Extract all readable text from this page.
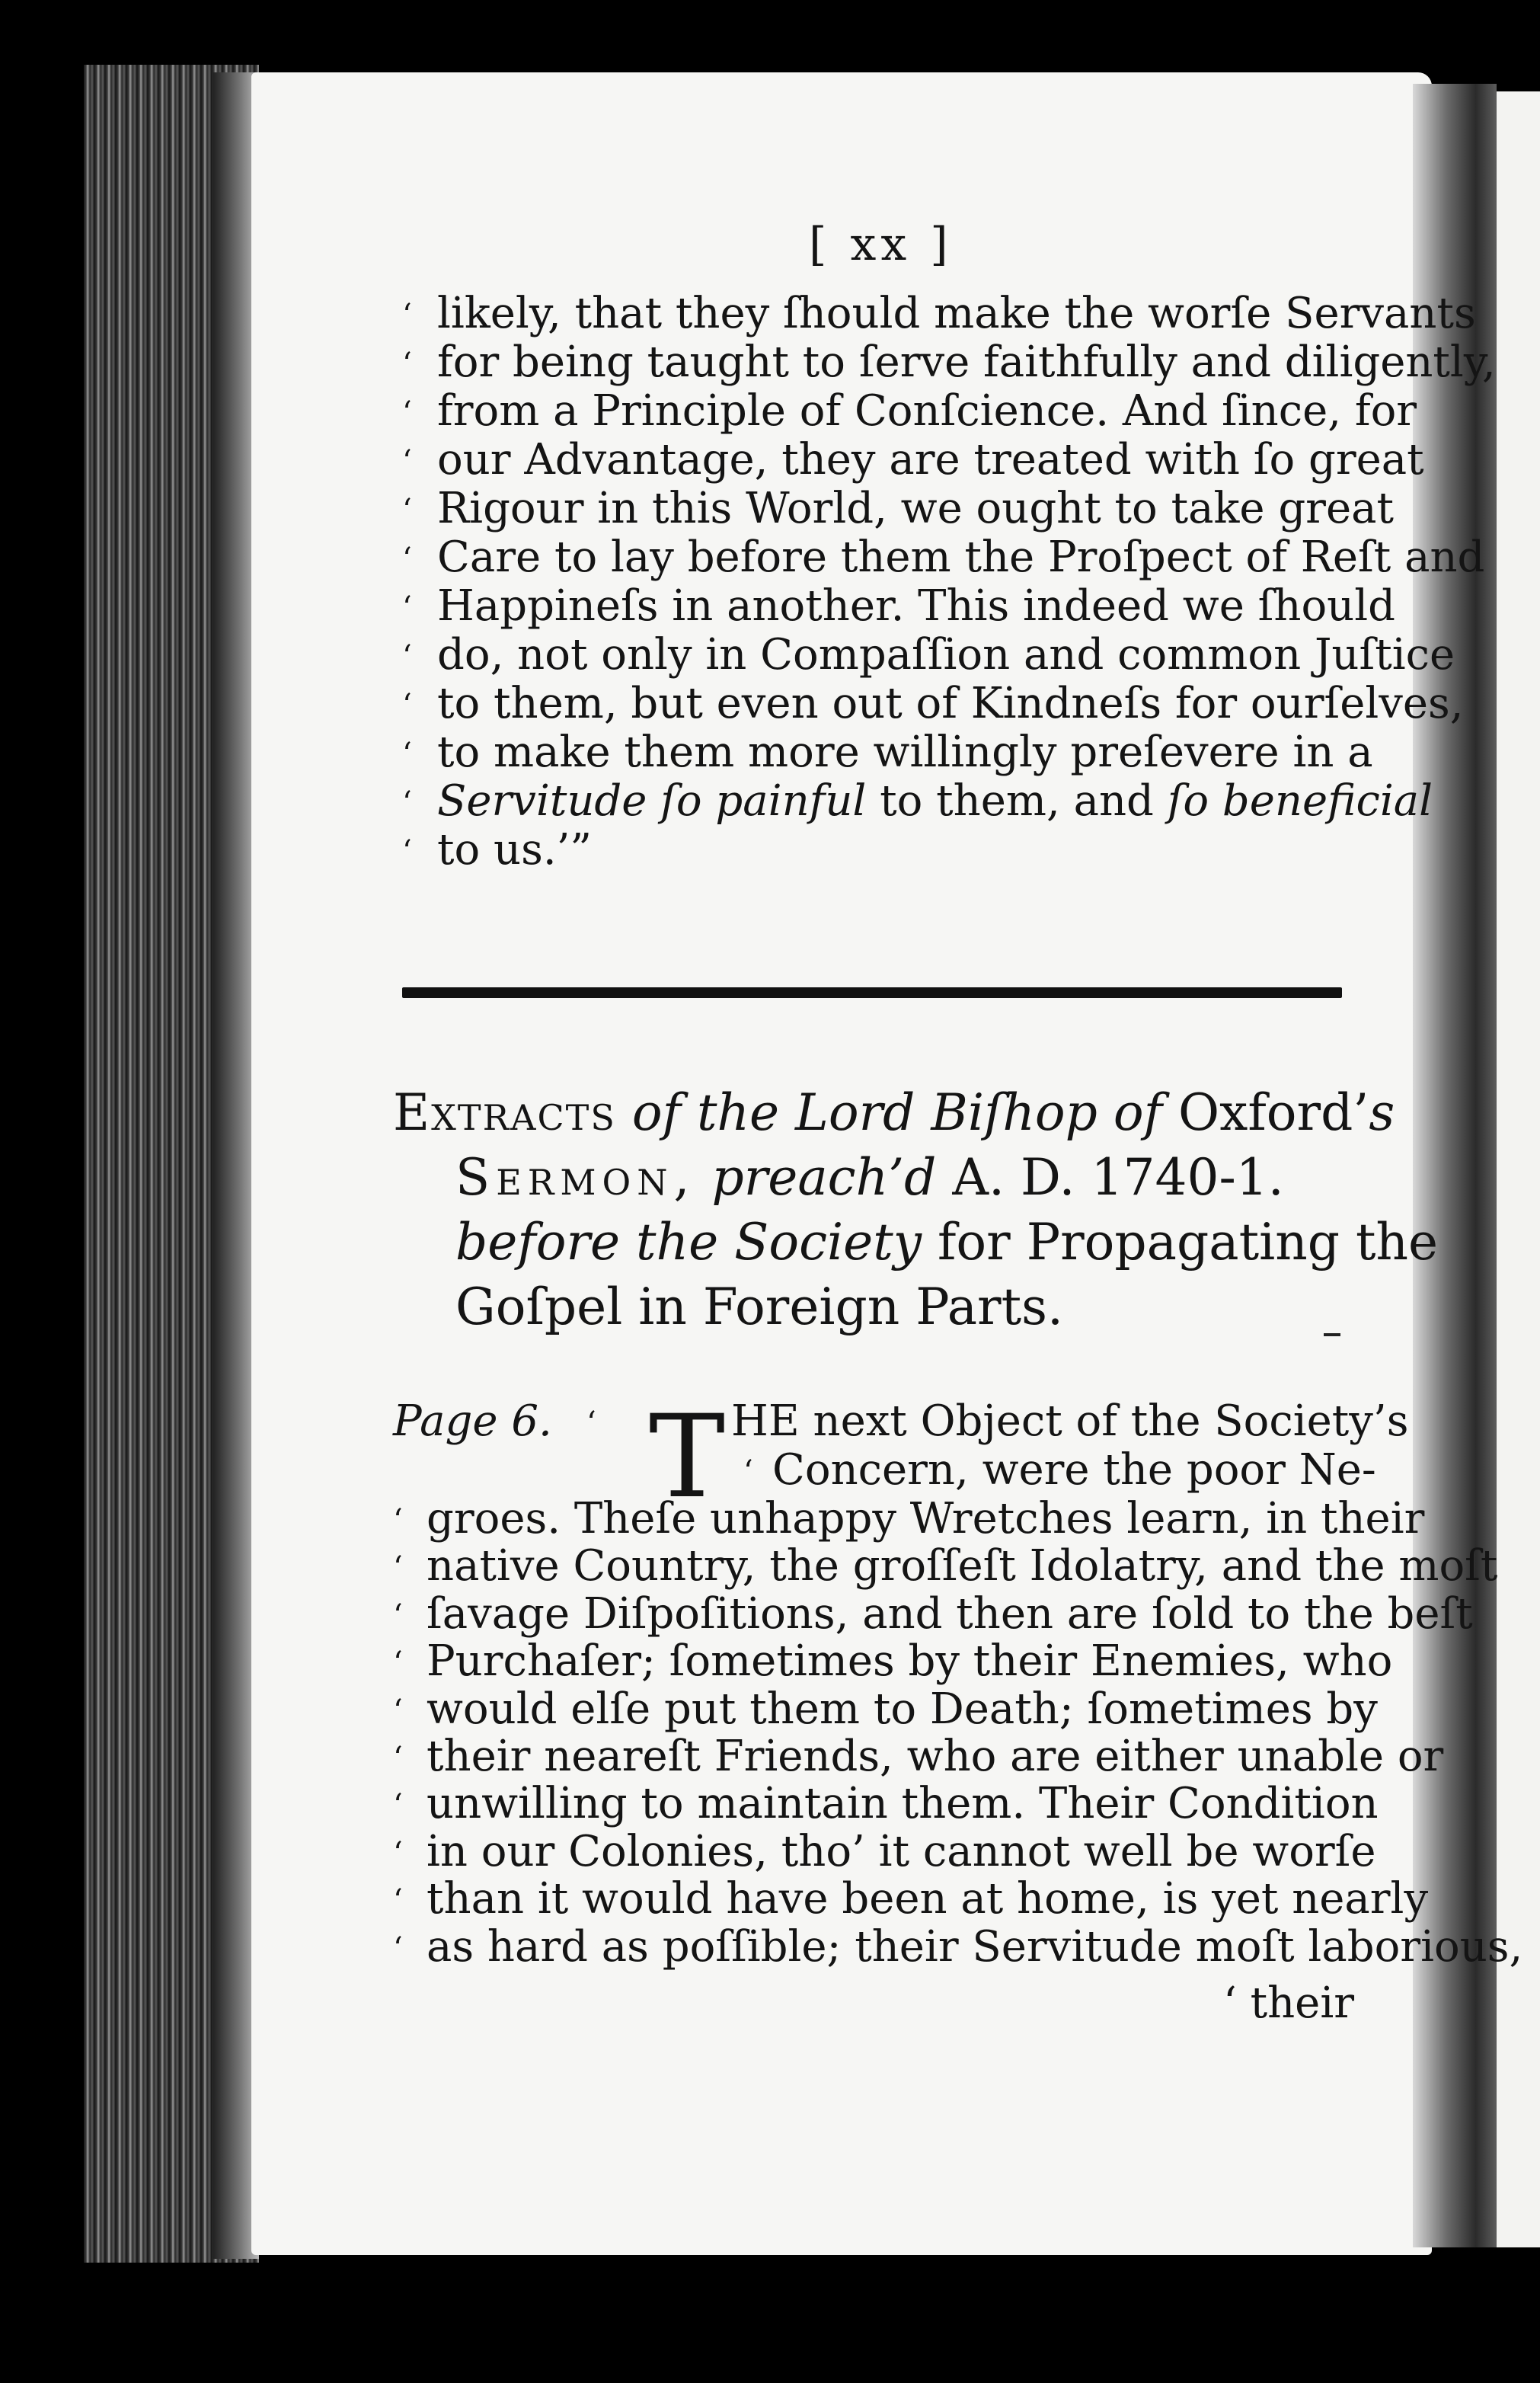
[ xx ]
‘ likely, that they ſhould make the worſe Servants
‘ for being taught to ſerve faithfully and diligently,
‘ from a Principle of Conſcience. And ſince, for
‘ our Advantage, they are treated with ſo great
‘ Rigour in this World, we ought to take great
‘ Care to lay before them the Proſpect of Reſt and
‘ Happineſs in another. This indeed we ſhould
‘ do, not only in Compaſſion and common Juſtice
‘ to them, but even out of Kindneſs for ourſelves,
‘ to make them more willingly preſevere in a
‘ Servitude ſo painful to them, and ſo beneficial
‘ to us.’”
Extracts of the Lord Biſhop of Oxford’s
Sermon, preach’d A. D. 1740-1.
before the Society for Propagating the
Goſpel in Foreign Parts.
Page 6. ‘ T HE next Object of the Society’s
‘ Concern, were the poor Ne-
‘ groes. Theſe unhappy Wretches learn, in their
‘ native Country, the groſſeſt Idolatry, and the moſt
‘ ſavage Diſpoſitions, and then are ſold to the beſt
‘ Purchaſer; ſometimes by their Enemies, who
‘ would elſe put them to Death; ſometimes by
‘ their neareſt Friends, who are either unable or
‘ unwilling to maintain them. Their Condition
‘ in our Colonies, tho’ it cannot well be worſe
‘ than it would have been at home, is yet nearly
‘ as hard as poſſible; their Servitude moſt laborious,
‘ their
